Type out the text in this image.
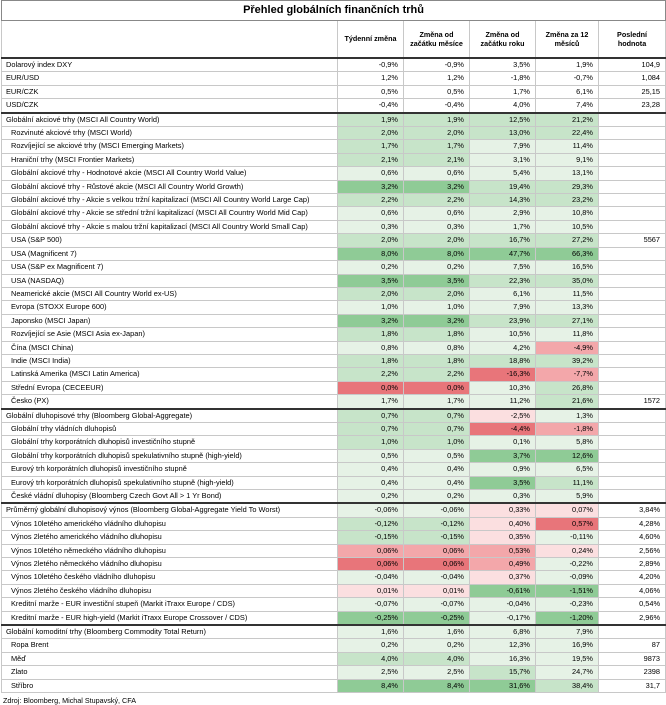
Přehled globálních finančních trhů					
	Týdenní změna	Změna od začátku měsíce	Změna od začátku roku	Změna za 12 měsíců	Poslední hodnota
Dolarový index DXY	-0,9%	-0,9%	3,5%	1,9%	104,9
EUR/USD	1,2%	1,2%	-1,8%	-0,7%	1,084
EUR/CZK	0,5%	0,5%	1,7%	6,1%	25,15
USD/CZK	-0,4%	-0,4%	4,0%	7,4%	23,28
Globální akciové trhy (MSCI All Country World)	1,9%	1,9%	12,5%	21,2%	
Rozvinuté akciové trhy (MSCI World)	2,0%	2,0%	13,0%	22,4%	
Rozvíjející se akciové trhy (MSCI Emerging Markets)	1,7%	1,7%	7,9%	11,4%	
Hraniční trhy (MSCI Frontier Markets)	2,1%	2,1%	3,1%	9,1%	
Globální akciové trhy - Hodnotové akcie (MSCI All Country World Value)	0,6%	0,6%	5,4%	13,1%	
Globální akciové trhy - Růstové akcie (MSCI All Country World Growth)	3,2%	3,2%	19,4%	29,3%	
Globální akciové trhy - Akcie s velkou tržní kapitalizací (MSCI All Country World Large Cap)	2,2%	2,2%	14,3%	23,2%	
Globální akciové trhy - Akcie se střední tržní kapitalizací (MSCI All Country World Mid Cap)	0,6%	0,6%	2,9%	10,8%	
Globální akciové trhy - Akcie s malou tržní kapitalizací (MSCI All Country World Small Cap)	0,3%	0,3%	1,7%	10,5%	
USA (S&P 500)	2,0%	2,0%	16,7%	27,2%	5567
USA (Magnificent 7)	8,0%	8,0%	47,7%	66,3%	
USA (S&P ex Magnificent 7)	0,2%	0,2%	7,5%	16,5%	
USA (NASDAQ)	3,5%	3,5%	22,3%	35,0%	
Neamerické akcie (MSCI All Country World ex-US)	2,0%	2,0%	6,1%	11,5%	
Evropa (STOXX Europe 600)	1,0%	1,0%	7,9%	13,3%	
Japonsko (MSCI Japan)	3,2%	3,2%	23,9%	27,1%	
Rozvíjející se Asie (MSCI Asia ex-Japan)	1,8%	1,8%	10,5%	11,8%	
Čína (MSCI China)	0,8%	0,8%	4,2%	-4,9%	
Indie (MSCI India)	1,8%	1,8%	18,8%	39,2%	
Latinská Amerika (MSCI Latin America)	2,2%	2,2%	-16,3%	-7,7%	
Střední Evropa (CECEEUR)	0,0%	0,0%	10,3%	26,8%	
Česko (PX)	1,7%	1,7%	11,2%	21,6%	1572
Globální dluhopisové trhy (Bloomberg Global-Aggregate)	0,7%	0,7%	-2,5%	1,3%	
Globální trhy vládních dluhopisů	0,7%	0,7%	-4,4%	-1,8%	
Globální trhy korporátních dluhopisů investičního stupně	1,0%	1,0%	0,1%	5,8%	
Globální trhy korporátních dluhopisů spekulativního stupně (high-yield)	0,5%	0,5%	3,7%	12,6%	
Eurový trh korporátních dluhopisů investičního stupně	0,4%	0,4%	0,9%	6,5%	
Eurový trh korporátních dluhopisů spekulativního stupně (high-yield)	0,4%	0,4%	3,5%	11,1%	
České vládní dluhopisy (Bloomberg Czech Govt All > 1 Yr Bond)	0,2%	0,2%	0,3%	5,9%	
Průměrný globální dluhopisový výnos (Bloomberg Global-Aggregate Yield To Worst)	-0,06%	-0,06%	0,33%	0,07%	3,84%
Výnos 10letého amerického vládního dluhopisu	-0,12%	-0,12%	0,40%	0,57%	4,28%
Výnos 2letého amerického vládního dluhopisu	-0,15%	-0,15%	0,35%	-0,11%	4,60%
Výnos 10letého německého vládního dluhopisu	0,06%	0,06%	0,53%	0,24%	2,56%
Výnos 2letého německého vládního dluhopisu	0,06%	0,06%	0,49%	-0,22%	2,89%
Výnos 10letého českého vládního dluhopisu	-0,04%	-0,04%	0,37%	-0,09%	4,20%
Výnos 2letého českého vládního dluhopisu	0,01%	0,01%	-0,61%	-1,51%	4,06%
Kreditní marže - EUR investiční stupeň (Markit iTraxx Europe / CDS)	-0,07%	-0,07%	-0,04%	-0,23%	0,54%
Kreditní marže - EUR high-yield (Markit iTraxx Europe Crossover / CDS)	-0,25%	-0,25%	-0,17%	-1,20%	2,96%
Globální komoditní trhy (Bloomberg Commodity Total Return)	1,6%	1,6%	6,8%	7,9%	
Ropa Brent	0,2%	0,2%	12,3%	16,9%	87
Měď	4,0%	4,0%	16,3%	19,5%	9873
Zlato	2,5%	2,5%	15,7%	24,7%	2398
Stříbro	8,4%	8,4%	31,6%	38,4%	31,7
Zdroj: Bloomberg, Michal Stupavský, CFA
